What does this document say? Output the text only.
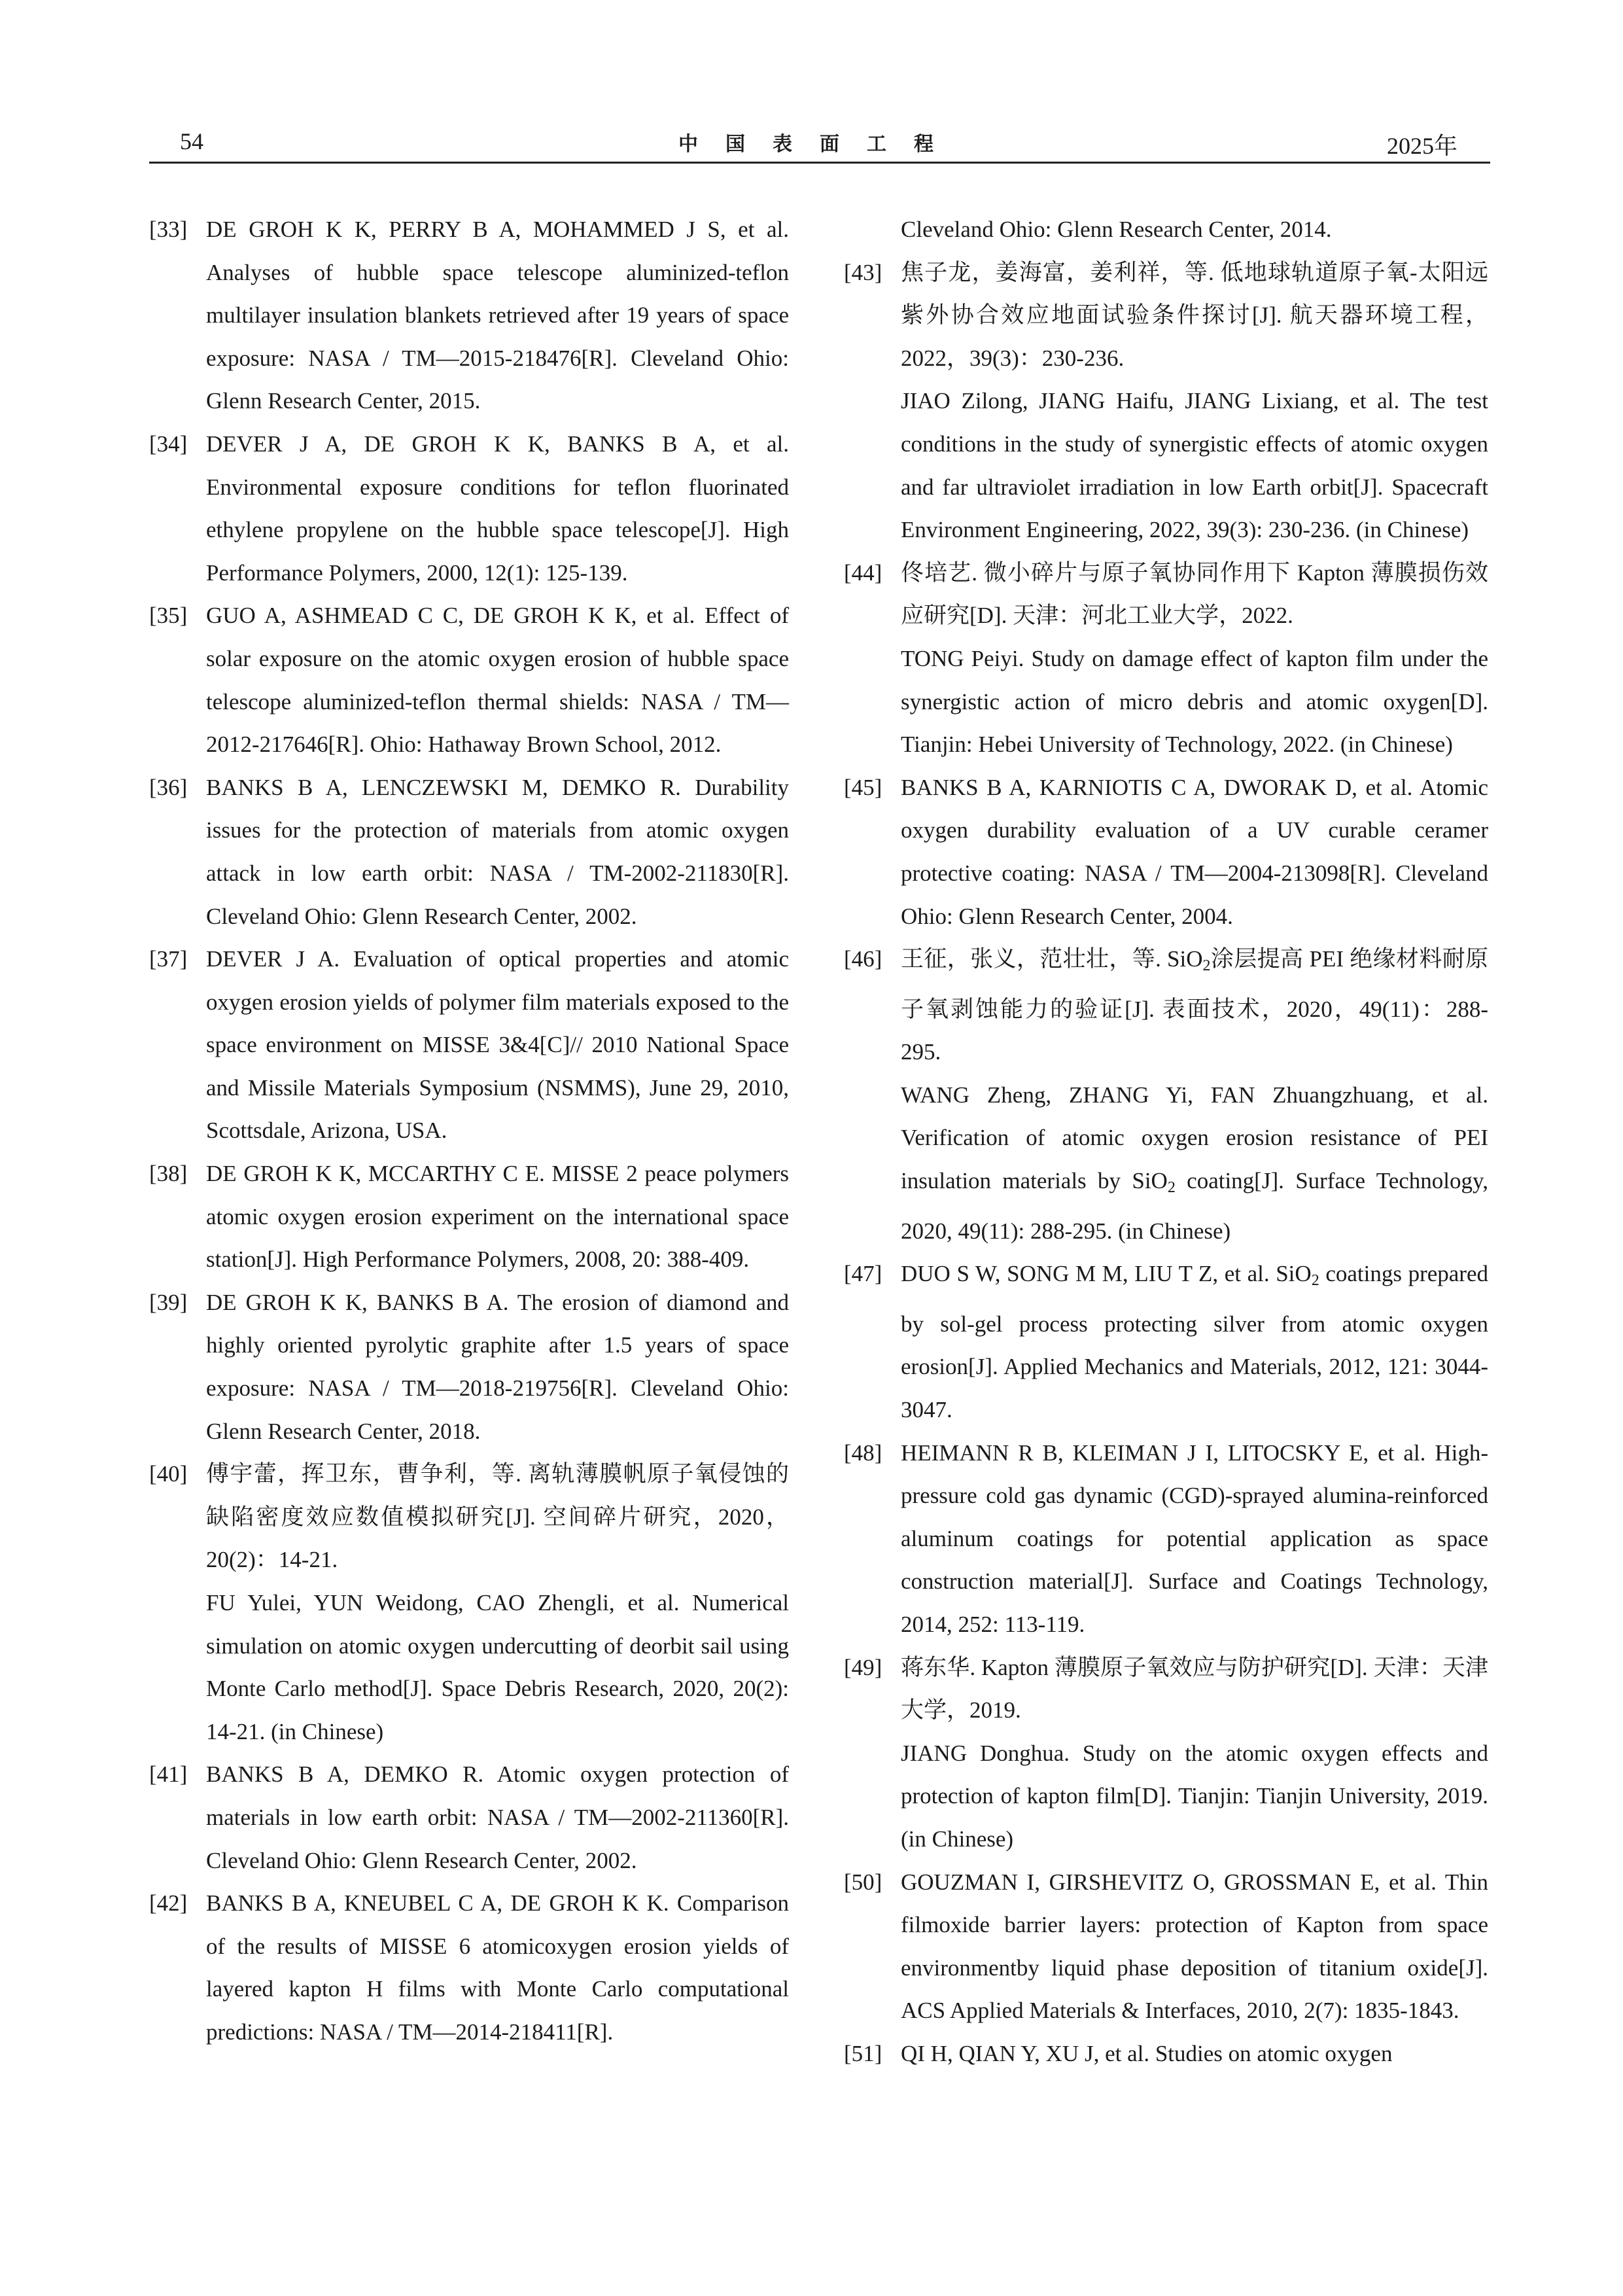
54	中国表面工程	2025年
[33] DE GROH K K, PERRY B A, MOHAMMED J S, et al. Analyses of hubble space telescope aluminized-teflon multilayer insulation blankets retrieved after 19 years of space exposure: NASA / TM—2015-218476[R]. Cleveland Ohio: Glenn Research Center, 2015.

[34] DEVER J A, DE GROH K K, BANKS B A, et al. Environmental exposure conditions for teflon fluorinated ethylene propylene on the hubble space telescope[J]. High Performance Polymers, 2000, 12(1): 125-139.

[35] GUO A, ASHMEAD C C, DE GROH K K, et al. Effect of solar exposure on the atomic oxygen erosion of hubble space telescope aluminized-teflon thermal shields: NASA / TM—2012-217646[R]. Ohio: Hathaway Brown School, 2012.

[36] BANKS B A, LENCZEWSKI M, DEMKO R. Durability issues for the protection of materials from atomic oxygen attack in low earth orbit: NASA / TM-2002-211830[R]. Cleveland Ohio: Glenn Research Center, 2002.

[37] DEVER J A. Evaluation of optical properties and atomic oxygen erosion yields of polymer film materials exposed to the space environment on MISSE 3&4[C]// 2010 National Space and Missile Materials Symposium (NSMMS), June 29, 2010, Scottsdale, Arizona, USA.

[38] DE GROH K K, MCCARTHY C E. MISSE 2 peace polymers atomic oxygen erosion experiment on the international space station[J]. High Performance Polymers, 2008, 20: 388-409.

[39] DE GROH K K, BANKS B A. The erosion of diamond and highly oriented pyrolytic graphite after 1.5 years of space exposure: NASA / TM—2018-219756[R]. Cleveland Ohio: Glenn Research Center, 2018.

[40] 傅宇蕾，挥卫东，曹争利，等. 离轨薄膜帆原子氧侵蚀的缺陷密度效应数值模拟研究[J]. 空间碎片研究，2020，20(2)：14-21.

FU Yulei, YUN Weidong, CAO Zhengli, et al. Numerical simulation on atomic oxygen undercutting of deorbit sail using Monte Carlo method[J]. Space Debris Research, 2020, 20(2): 14-21. (in Chinese)

[41] BANKS B A, DEMKO R. Atomic oxygen protection of materials in low earth orbit: NASA / TM—2002-211360[R]. Cleveland Ohio: Glenn Research Center, 2002.

[42] BANKS B A, KNEUBEL C A, DE GROH K K. Comparison of the results of MISSE 6 atomicoxygen erosion yields of layered kapton H films with Monte Carlo computational predictions: NASA / TM—2014-218411[R].

Cleveland Ohio: Glenn Research Center, 2014.

[43] 焦子龙，姜海富，姜利祥，等. 低地球轨道原子氧-太阳远紫外协合效应地面试验条件探讨[J]. 航天器环境工程，2022，39(3)：230-236.

JIAO Zilong, JIANG Haifu, JIANG Lixiang, et al. The test conditions in the study of synergistic effects of atomic oxygen and far ultraviolet irradiation in low Earth orbit[J]. Spacecraft Environment Engineering, 2022, 39(3): 230-236. (in Chinese)

[44] 佟培艺. 微小碎片与原子氧协同作用下 Kapton 薄膜损伤效应研究[D]. 天津：河北工业大学，2022.

TONG Peiyi. Study on damage effect of kapton film under the synergistic action of micro debris and atomic oxygen[D]. Tianjin: Hebei University of Technology, 2022. (in Chinese)

[45] BANKS B A, KARNIOTIS C A, DWORAK D, et al. Atomic oxygen durability evaluation of a UV curable ceramer protective coating: NASA / TM—2004-213098[R]. Cleveland Ohio: Glenn Research Center, 2004.

[46] 王征，张义，范壮壮，等. SiO$_2$涂层提高 PEI 绝缘材料耐原子氧剥蚀能力的验证[J]. 表面技术，2020，49(11)：288-295.

WANG Zheng, ZHANG Yi, FAN Zhuangzhuang, et al. Verification of atomic oxygen erosion resistance of PEI insulation materials by SiO$_2$ coating[J]. Surface Technology, 2020, 49(11): 288-295. (in Chinese)

[47] DUO S W, SONG M M, LIU T Z, et al. SiO$_2$ coatings prepared by sol-gel process protecting silver from atomic oxygen erosion[J]. Applied Mechanics and Materials, 2012, 121: 3044-3047.

[48] HEIMANN R B, KLEIMAN J I, LITOCSKY E, et al. High-pressure cold gas dynamic (CGD)-sprayed alumina-reinforced aluminum coatings for potential application as space construction material[J]. Surface and Coatings Technology, 2014, 252: 113-119.

[49] 蒋东华. Kapton 薄膜原子氧效应与防护研究[D]. 天津：天津大学，2019.

JIANG Donghua. Study on the atomic oxygen effects and protection of kapton film[D]. Tianjin: Tianjin University, 2019. (in Chinese)

[50] GOUZMAN I, GIRSHEVITZ O, GROSSMAN E, et al. Thin filmoxide barrier layers: protection of Kapton from space environmentby liquid phase deposition of titanium oxide[J]. ACS Applied Materials & Interfaces, 2010, 2(7): 1835-1843.

[51] QI H, QIAN Y, XU J, et al. Studies on atomic oxygen
